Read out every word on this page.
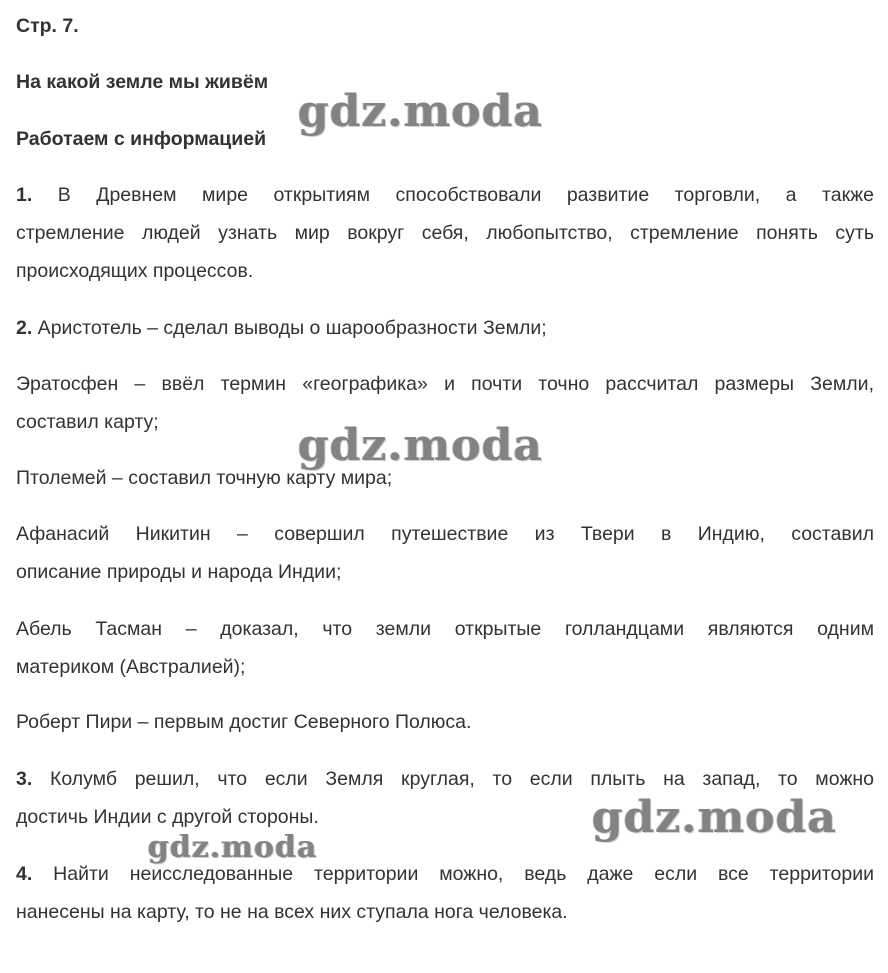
Стр. 7.
На какой земле мы живём
Работаем с информацией
1. В Древнем мире открытиям способствовали развитие торговли, а также
стремление людей узнать мир вокруг себя, любопытство, стремление понять суть
происходящих процессов.
2. Аристотель – сделал выводы о шарообразности Земли;
Эратосфен – ввёл термин «географика» и почти точно рассчитал размеры Земли,
составил карту;
Птолемей – составил точную карту мира;
Афанасий Никитин – совершил путешествие из Твери в Индию, составил
описание природы и народа Индии;
Абель Тасман – доказал, что земли открытые голландцами являются одним
материком (Австралией);
Роберт Пири – первым достиг Северного Полюса.
3. Колумб решил, что если Земля круглая, то если плыть на запад, то можно
достичь Индии с другой стороны.
4. Найти неисследованные территории можно, ведь даже если все территории
нанесены на карту, то не на всех них ступала нога человека.
gdz.moda
gdz.moda
gdz.moda
gdz.moda
